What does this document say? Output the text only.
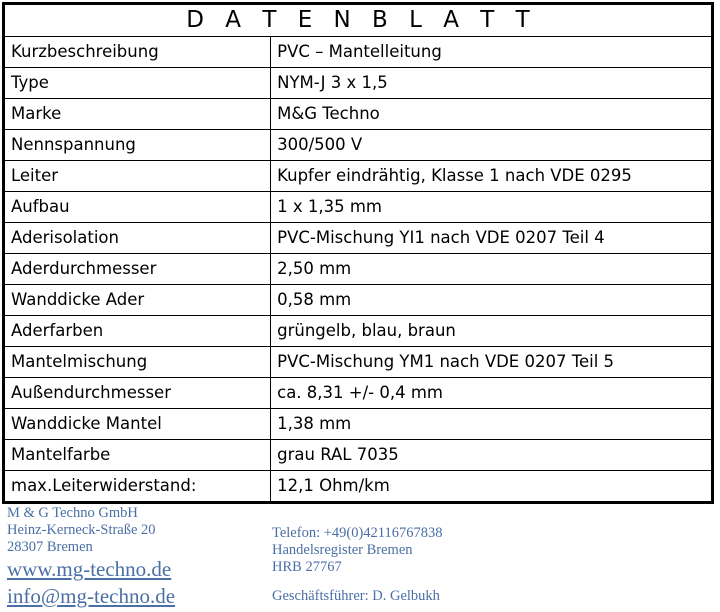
D A T E N B L A T T	
Kurzbeschreibung	PVC – Mantelleitung
Type	NYM-J 3 x 1,5
Marke	M&G Techno
Nennspannung	300/500 V
Leiter	Kupfer eindrähtig, Klasse 1 nach VDE 0295
Aufbau	1 x 1,35 mm
Aderisolation	PVC-Mischung YI1 nach VDE 0207 Teil 4
Aderdurchmesser	2,50 mm
Wanddicke Ader	0,58 mm
Aderfarben	grüngelb, blau, braun
Mantelmischung	PVC-Mischung YM1 nach VDE 0207 Teil 5
Außendurchmesser	ca. 8,31 +/- 0,4 mm
Wanddicke Mantel	1,38 mm
Mantelfarbe	grau RAL 7035
max.Leiterwiderstand:	12,1 Ohm/km
M & G Techno GmbH
Heinz-Kerneck-Straße 20
28307 Bremen
www.mg-techno.de
info@mg-techno.de
Telefon: +49(0)42116767838
Handelsregister Bremen
HRB 27767
Geschäftsführer: D. Gelbukh
